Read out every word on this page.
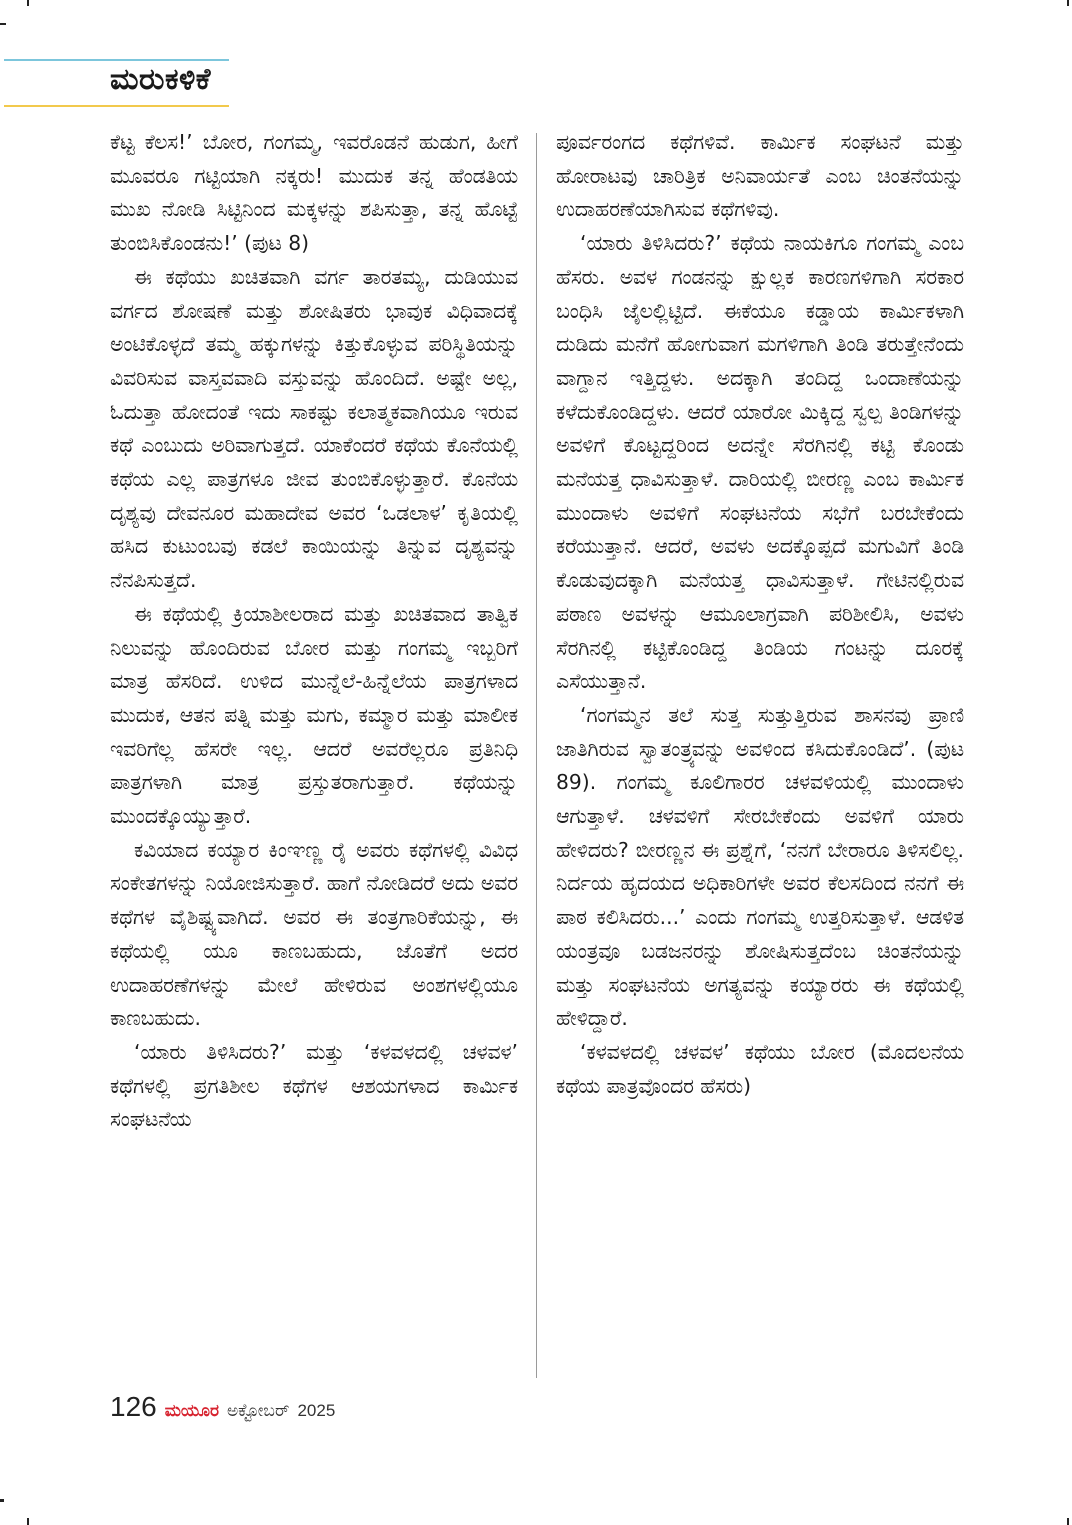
ಮರುಕಳಿಕೆ

ಕೆಟ್ಟ ಕೆಲಸ!’ ಬೋರ, ಗಂಗಮ್ಮ, ಇವರೊಡನೆ ಹುಡುಗ, ಹೀಗೆ ಮೂವರೂ ಗಟ್ಟಿಯಾಗಿ ನಕ್ಕರು! ಮುದುಕ ತನ್ನ ಹೆಂಡತಿಯ ಮುಖ ನೋಡಿ ಸಿಟ್ಟಿನಿಂದ ಮಕ್ಕಳನ್ನು ಶಪಿಸುತ್ತಾ, ತನ್ನ ಹೊಟ್ಟೆ ತುಂಬಿಸಿಕೊಂಡನು!’ (ಪುಟ 8)

ಈ ಕಥೆಯು ಖಚಿತವಾಗಿ ವರ್ಗ ತಾರತಮ್ಯ, ದುಡಿಯುವ ವರ್ಗದ ಶೋಷಣೆ ಮತ್ತು ಶೋಷಿತರು ಭಾವುಕ ವಿಧಿವಾದಕ್ಕೆ ಅಂಟಿಕೊಳ್ಳದೆ ತಮ್ಮ ಹಕ್ಕುಗಳನ್ನು ಕಿತ್ತುಕೊಳ್ಳುವ ಪರಿಸ್ಥಿತಿಯನ್ನು ವಿವರಿಸುವ ವಾಸ್ತವವಾದಿ ವಸ್ತುವನ್ನು ಹೊಂದಿದೆ. ಅಷ್ಟೇ ಅಲ್ಲ, ಓದುತ್ತಾ ಹೋದಂತೆ ಇದು ಸಾಕಷ್ಟು ಕಲಾತ್ಮಕವಾಗಿಯೂ ಇರುವ ಕಥೆ ಎಂಬುದು ಅರಿವಾಗುತ್ತದೆ. ಯಾಕೆಂದರೆ ಕಥೆಯ ಕೊನೆಯಲ್ಲಿ ಕಥೆಯ ಎಲ್ಲ ಪಾತ್ರಗಳೂ ಜೀವ ತುಂಬಿಕೊಳ್ಳುತ್ತಾರೆ. ಕೊನೆಯ ದೃಶ್ಯವು ದೇವನೂರ ಮಹಾದೇವ ಅವರ ‘ಒಡಲಾಳ’ ಕೃತಿಯಲ್ಲಿ ಹಸಿದ ಕುಟುಂಬವು ಕಡಲೆ ಕಾಯಿಯನ್ನು ತಿನ್ನುವ ದೃಶ್ಯವನ್ನು ನೆನಪಿಸುತ್ತದೆ.

ಈ ಕಥೆಯಲ್ಲಿ ಕ್ರಿಯಾಶೀಲರಾದ ಮತ್ತು ಖಚಿತವಾದ ತಾತ್ವಿಕ ನಿಲುವನ್ನು ಹೊಂದಿರುವ ಬೋರ ಮತ್ತು ಗಂಗಮ್ಮ ಇಬ್ಬರಿಗೆ ಮಾತ್ರ ಹೆಸರಿದೆ. ಉಳಿದ ಮುನ್ನೆಲೆ-ಹಿನ್ನೆಲೆಯ ಪಾತ್ರಗಳಾದ ಮುದುಕ, ಆತನ ಪತ್ನಿ ಮತ್ತು ಮಗು, ಕಮ್ಮಾರ ಮತ್ತು ಮಾಲೀಕ ಇವರಿಗೆಲ್ಲ ಹೆಸರೇ ಇಲ್ಲ. ಆದರೆ ಅವರೆಲ್ಲರೂ ಪ್ರತಿನಿಧಿ ಪಾತ್ರಗಳಾಗಿ ಮಾತ್ರ ಪ್ರಸ್ತುತರಾಗುತ್ತಾರೆ. ಕಥೆಯನ್ನು ಮುಂದಕ್ಕೊಯ್ಯುತ್ತಾರೆ.

ಕವಿಯಾದ ಕಯ್ಯಾರ ಕಿಂಞಣ್ಣ ರೈ ಅವರು ಕಥೆಗಳಲ್ಲಿ ವಿವಿಧ ಸಂಕೇತಗಳನ್ನು ನಿಯೋಜಿಸುತ್ತಾರೆ. ಹಾಗೆ ನೋಡಿದರೆ ಅದು ಅವರ ಕಥೆಗಳ ವೈಶಿಷ್ಟ್ಯವಾಗಿದೆ. ಅವರ ಈ ತಂತ್ರಗಾರಿಕೆಯನ್ನು, ಈ ಕಥೆಯಲ್ಲಿ ಯೂ ಕಾಣಬಹುದು, ಜೊತೆಗೆ ಅದರ ಉದಾಹರಣೆಗಳನ್ನು ಮೇಲೆ ಹೇಳಿರುವ ಅಂಶಗಳಲ್ಲಿಯೂ ಕಾಣಬಹುದು.

‘ಯಾರು ತಿಳಿಸಿದರು?’ ಮತ್ತು ‘ಕಳವಳದಲ್ಲಿ ಚಳವಳ’ ಕಥೆಗಳಲ್ಲಿ ಪ್ರಗತಿಶೀಲ ಕಥೆಗಳ ಆಶಯಗಳಾದ ಕಾರ್ಮಿಕ ಸಂಘಟನೆಯ

ಪೂರ್ವರಂಗದ ಕಥೆಗಳಿವೆ. ಕಾರ್ಮಿಕ ಸಂಘಟನೆ ಮತ್ತು ಹೋರಾಟವು ಚಾರಿತ್ರಿಕ ಅನಿವಾರ್ಯತೆ ಎಂಬ ಚಿಂತನೆಯನ್ನು ಉದಾಹರಣೆಯಾಗಿಸುವ ಕಥೆಗಳಿವು.

‘ಯಾರು ತಿಳಿಸಿದರು?’ ಕಥೆಯ ನಾಯಕಿಗೂ ಗಂಗಮ್ಮ ಎಂಬ ಹೆಸರು. ಅವಳ ಗಂಡನನ್ನು ಕ್ಷುಲ್ಲಕ ಕಾರಣಗಳಿಗಾಗಿ ಸರಕಾರ ಬಂಧಿಸಿ ಜೈಲಲ್ಲಿಟ್ಟಿದೆ. ಈಕೆಯೂ ಕಡ್ಡಾಯ ಕಾರ್ಮಿಕಳಾಗಿ ದುಡಿದು ಮನೆಗೆ ಹೋಗುವಾಗ ಮಗಳಿಗಾಗಿ ತಿಂಡಿ ತರುತ್ತೇನೆಂದು ವಾಗ್ದಾನ ಇತ್ತಿದ್ದಳು. ಅದಕ್ಕಾಗಿ ತಂದಿದ್ದ ಒಂದಾಣೆಯನ್ನು ಕಳೆದುಕೊಂಡಿದ್ದಳು. ಆದರೆ ಯಾರೋ ಮಿಕ್ಕಿದ್ದ ಸ್ವಲ್ಪ ತಿಂಡಿಗಳನ್ನು ಅವಳಿಗೆ ಕೊಟ್ಟದ್ದರಿಂದ ಅದನ್ನೇ ಸೆರಗಿನಲ್ಲಿ ಕಟ್ಟಿ ಕೊಂಡು ಮನೆಯತ್ತ ಧಾವಿಸುತ್ತಾಳೆ. ದಾರಿಯಲ್ಲಿ ಬೀರಣ್ಣ ಎಂಬ ಕಾರ್ಮಿಕ ಮುಂದಾಳು ಅವಳಿಗೆ ಸಂಘಟನೆಯ ಸಭೆಗೆ ಬರಬೇಕೆಂದು ಕರೆಯುತ್ತಾನೆ. ಆದರೆ, ಅವಳು ಅದಕ್ಕೊಪ್ಪದೆ ಮಗುವಿಗೆ ತಿಂಡಿ ಕೊಡುವುದಕ್ಕಾಗಿ ಮನೆಯತ್ತ ಧಾವಿಸುತ್ತಾಳೆ. ಗೇಟಿನಲ್ಲಿರುವ ಪಠಾಣ ಅವಳನ್ನು ಆಮೂಲಾಗ್ರವಾಗಿ ಪರಿಶೀಲಿಸಿ, ಅವಳು ಸೆರಗಿನಲ್ಲಿ ಕಟ್ಟಿಕೊಂಡಿದ್ದ ತಿಂಡಿಯ ಗಂಟನ್ನು ದೂರಕ್ಕೆ ಎಸೆಯುತ್ತಾನೆ.

‘ಗಂಗಮ್ಮನ ತಲೆ ಸುತ್ತ ಸುತ್ತುತ್ತಿರುವ ಶಾಸನವು ಪ್ರಾಣಿ ಜಾತಿಗಿರುವ ಸ್ವಾತಂತ್ರ್ಯವನ್ನು ಅವಳಿಂದ ಕಸಿದುಕೊಂಡಿದೆ’. (ಪುಟ 89). ಗಂಗಮ್ಮ ಕೂಲಿಗಾರರ ಚಳವಳಿಯಲ್ಲಿ ಮುಂದಾಳು ಆಗುತ್ತಾಳೆ. ಚಳವಳಿಗೆ ಸೇರಬೇಕೆಂದು ಅವಳಿಗೆ ಯಾರು ಹೇಳಿದರು? ಬೀರಣ್ಣನ ಈ ಪ್ರಶ್ನೆಗೆ, ‘ನನಗೆ ಬೇರಾರೂ ತಿಳಿಸಲಿಲ್ಲ. ನಿರ್ದಯ ಹೃದಯದ ಅಧಿಕಾರಿಗಳೇ ಅವರ ಕೆಲಸದಿಂದ ನನಗೆ ಈ ಪಾಠ ಕಲಿಸಿದರು...’ ಎಂದು ಗಂಗಮ್ಮ ಉತ್ತರಿಸುತ್ತಾಳೆ. ಆಡಳಿತ ಯಂತ್ರವೂ ಬಡಜನರನ್ನು ಶೋಷಿಸುತ್ತದೆಂಬ ಚಿಂತನೆಯನ್ನು ಮತ್ತು ಸಂಘಟನೆಯ ಅಗತ್ಯವನ್ನು ಕಯ್ಯಾರರು ಈ ಕಥೆಯಲ್ಲಿ ಹೇಳಿದ್ದಾರೆ.

‘ಕಳವಳದಲ್ಲಿ ಚಳವಳ’ ಕಥೆಯು ಬೋರ (ಮೊದಲನೆಯ ಕಥೆಯ ಪಾತ್ರವೊಂದರ ಹೆಸರು)

126 ಮಯೂರ ಅಕ್ಟೋಬರ್ 2025
